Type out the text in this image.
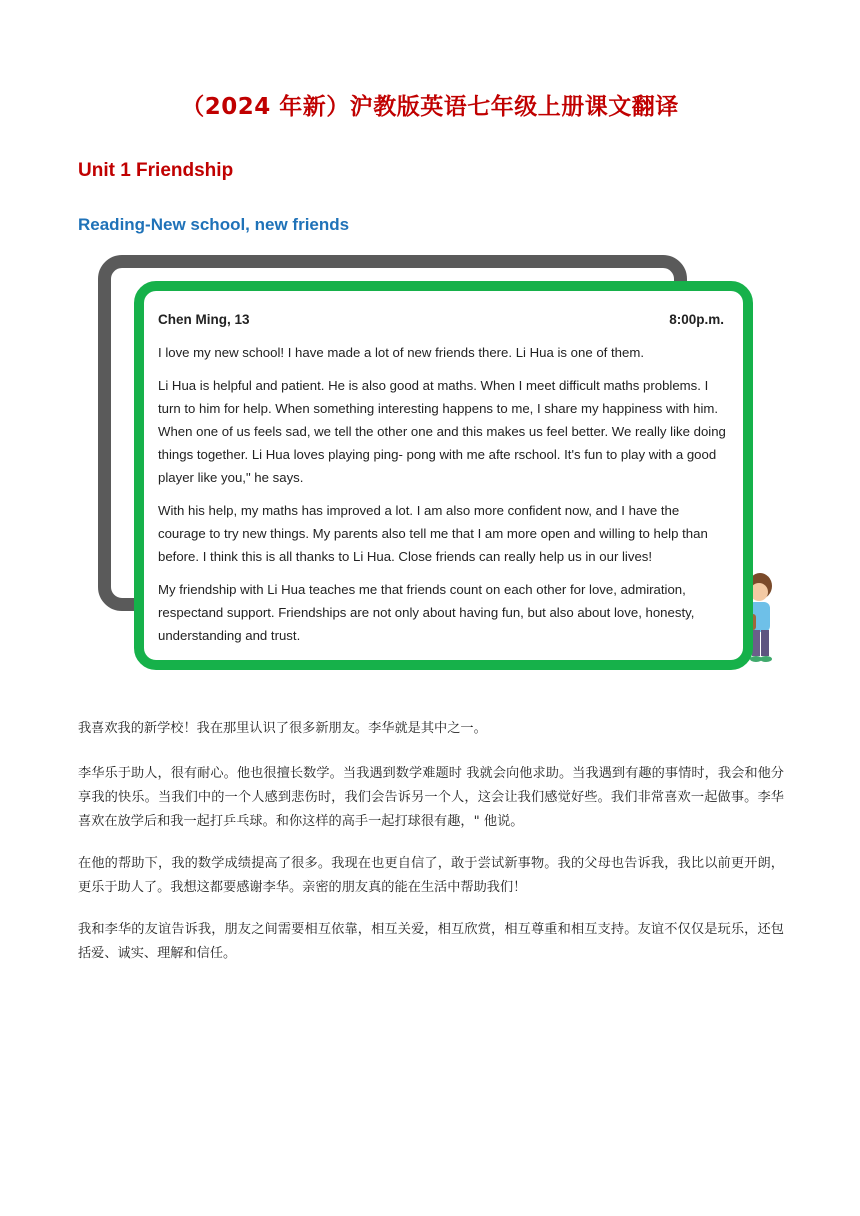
（2024 年新）沪教版英语七年级上册课文翻译
Unit 1 Friendship
Reading-New school, new friends
Chen Ming, 13	8:00p.m.

I love my new school! I have made a lot of new friends there. Li Hua is one of them.

Li Hua is helpful and patient. He is also good at maths. When I meet difficult maths problems. I turn to him for help. When something interesting happens to me, I share my happiness with him. When one of us feels sad, we tell the other one and this makes us feel better. We really like doing things together. Li Hua loves playing ping- pong with me afte rschool. It's fun to play with a good player like you," he says.

With his help, my maths has improved a lot. I am also more confident now, and I have the courage to try new things. My parents also tell me that I am more open and willing to help than before. I think this is all thanks to Li Hua. Close friends can really help us in our lives!

My friendship with Li Hua teaches me that friends count on each other for love, admiration, respectand support. Friendships are not only about having fun, but also about love, honesty, understanding and trust.

我喜欢我的新学校！我在那里认识了很多新朋友。李华就是其中之一。

李华乐于助人，很有耐心。他也很擅长数学。当我遇到数学难题时 我就会向他求助。当我遇到有趣的事情时，我会和他分享我的快乐。当我们中的一个人感到悲伤时，我们会告诉另一个人，这会让我们感觉好些。我们非常喜欢一起做事。李华喜欢在放学后和我一起打乒乓球。和你这样的高手一起打球很有趣，" 他说。

在他的帮助下，我的数学成绩提高了很多。我现在也更自信了，敢于尝试新事物。我的父母也告诉我，我比以前更开朗，更乐于助人了。我想这都要感谢李华。亲密的朋友真的能在生活中帮助我们！

我和李华的友谊告诉我，朋友之间需要相互依靠，相互关爱，相互欣赏，相互尊重和相互支持。友谊不仅仅是玩乐，还包括爱、诚实、理解和信任。
